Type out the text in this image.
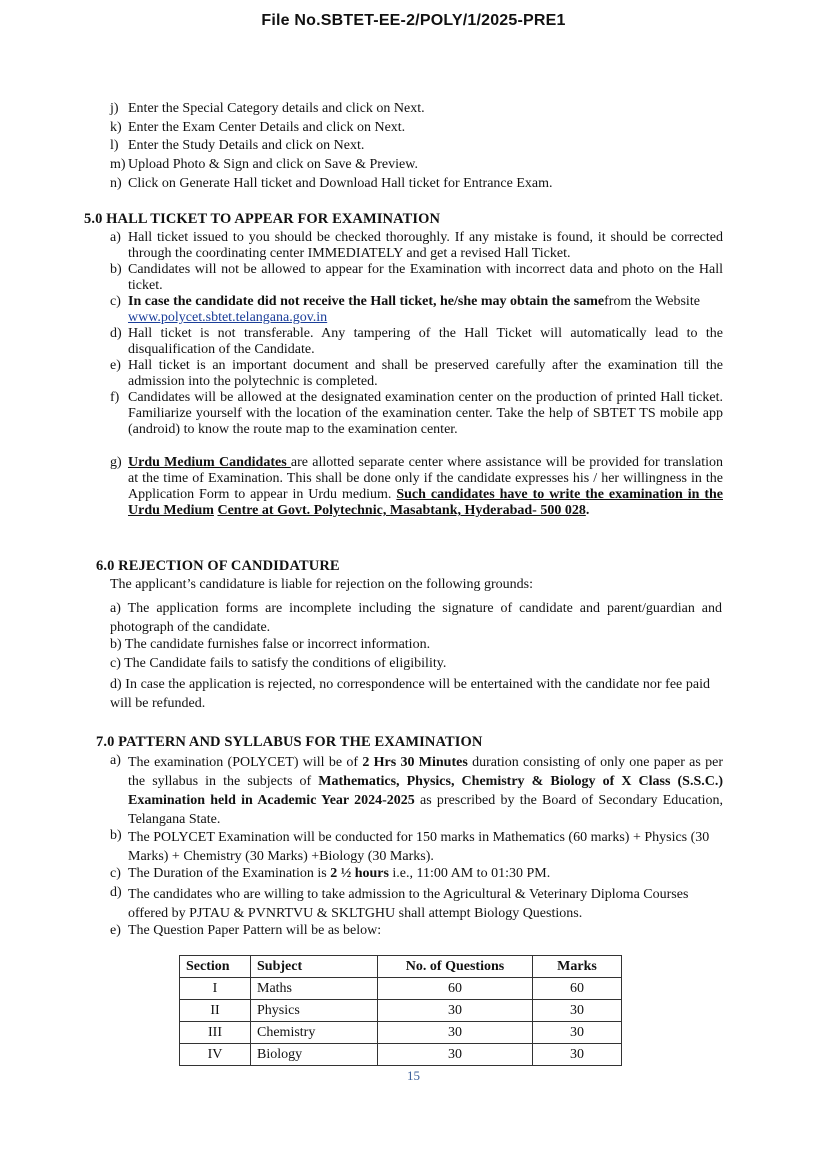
File No.SBTET-EE-2/POLY/1/2025-PRE1
j) Enter the Special Category details and click on Next.
k) Enter the Exam Center Details and click on Next.
l) Enter the Study Details and click on Next.
m) Upload Photo & Sign and click on Save & Preview.
n) Click on Generate Hall ticket and Download Hall ticket for Entrance Exam.
5.0 HALL TICKET TO APPEAR FOR EXAMINATION
a) Hall ticket issued to you should be checked thoroughly. If any mistake is found, it should be corrected through the coordinating center IMMEDIATELY and get a revised Hall Ticket.
b) Candidates will not be allowed to appear for the Examination with incorrect data and photo on the Hall ticket.
c) In case the candidate did not receive the Hall ticket, he/she may obtain the samefrom the Website www.polycet.sbtet.telangana.gov.in
d) Hall ticket is not transferable. Any tampering of the Hall Ticket will automatically lead to the disqualification of the Candidate.
e) Hall ticket is an important document and shall be preserved carefully after the examination till the admission into the polytechnic is completed.
f) Candidates will be allowed at the designated examination center on the production of printed Hall ticket. Familiarize yourself with the location of the examination center. Take the help of SBTET TS mobile app (android) to know the route map to the examination center.
g) Urdu Medium Candidates are allotted separate center where assistance will be provided for translation at the time of Examination. This shall be done only if the candidate expresses his / her willingness in the Application Form to appear in Urdu medium. Such candidates have to write the examination in the Urdu Medium Centre at Govt. Polytechnic, Masabtank, Hyderabad- 500 028.
6.0 REJECTION OF CANDIDATURE
The applicant’s candidature is liable for rejection on the following grounds:
a) The application forms are incomplete including the signature of candidate and parent/guardian and photograph of the candidate.
b) The candidate furnishes false or incorrect information.
c) The Candidate fails to satisfy the conditions of eligibility.
d) In case the application is rejected, no correspondence will be entertained with the candidate nor fee paid will be refunded.
7.0 PATTERN AND SYLLABUS FOR THE EXAMINATION
a) The examination (POLYCET) will be of 2 Hrs 30 Minutes duration consisting of only one paper as per the syllabus in the subjects of Mathematics, Physics, Chemistry & Biology of X Class (S.S.C.) Examination held in Academic Year 2024-2025 as prescribed by the Board of Secondary Education, Telangana State.
b) The POLYCET Examination will be conducted for 150 marks in Mathematics (60 marks) + Physics (30 Marks) + Chemistry (30 Marks) +Biology (30 Marks).
c) The Duration of the Examination is 2 ½ hours i.e., 11:00 AM to 01:30 PM.
d) The candidates who are willing to take admission to the Agricultural & Veterinary Diploma Courses offered by PJTAU & PVNRTVU & SKLTGHU shall attempt Biology Questions.
e) The Question Paper Pattern will be as below:
Section	Subject	No. of Questions	Marks
I	Maths	60	60
II	Physics	30	30
III	Chemistry	30	30
IV	Biology	30	30
15
